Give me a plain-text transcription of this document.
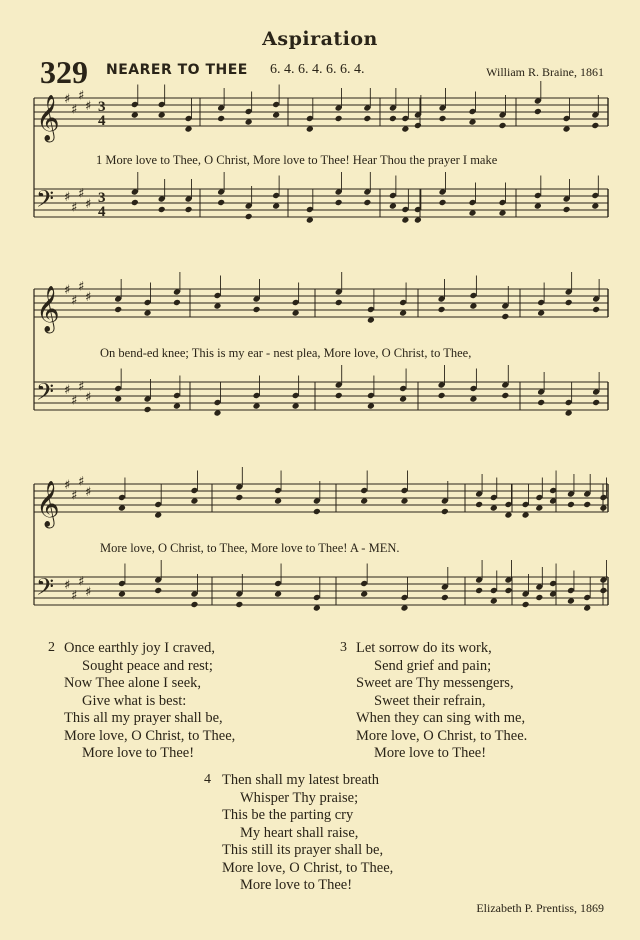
Aspiration
329 NEARER TO THEE 6. 4. 6. 4. 6. 6. 4.	William R. Braine, 1861
𝄞 ♯
♯
♯
♯ 3
4
𝄢 ♯
♯
♯
♯ 3
4
𝄞 ♯
♯
♯
♯
𝄢 ♯
♯
♯
♯
𝄞 ♯
♯
♯
♯
𝄢 ♯
♯
♯
♯
1 More love to Thee, O Christ, More love to Thee! Hear Thou the prayer I make
On bend-ed knee; This is my ear - nest plea, More love, O Christ, to Thee,
More love, O Christ, to Thee, More love to Thee! A - MEN.
2 Once earthly joy I craved,
Sought peace and rest;
Now Thee alone I seek,
Give what is best:
This all my prayer shall be,
More love, O Christ, to Thee,
More love to Thee!
3 Let sorrow do its work,
Send grief and pain;
Sweet are Thy messengers,
Sweet their refrain,
When they can sing with me,
More love, O Christ, to Thee.
More love to Thee!
4 Then shall my latest breath
Whisper Thy praise;
This be the parting cry
My heart shall raise,
This still its prayer shall be,
More love, O Christ, to Thee,
More love to Thee!
Elizabeth P. Prentiss, 1869
